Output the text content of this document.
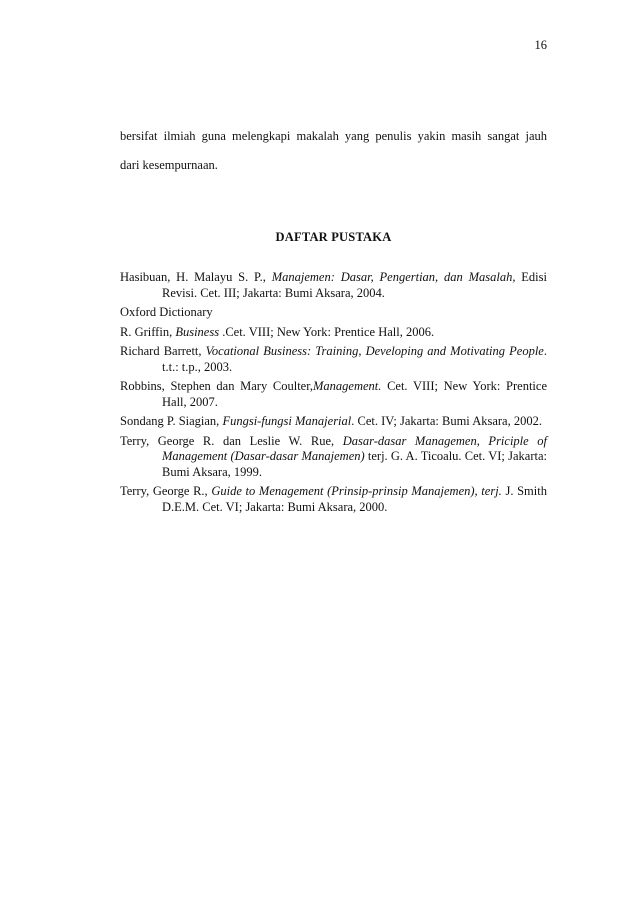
16

bersifat ilmiah guna melengkapi makalah yang penulis yakin masih sangat jauh

dari kesempurnaan.

DAFTAR PUSTAKA

Hasibuan, H. Malayu S. P., Manajemen: Dasar, Pengertian, dan Masalah, Edisi Revisi. Cet. III; Jakarta: Bumi Aksara, 2004.

Oxford Dictionary

R. Griffin, Business .Cet. VIII; New York: Prentice Hall, 2006.

Richard Barrett, Vocational Business: Training, Developing and Motivating People. t.t.: t.p., 2003.

Robbins, Stephen dan Mary Coulter,Management. Cet. VIII; New York: Prentice Hall, 2007.

Sondang P. Siagian, Fungsi-fungsi Manajerial. Cet. IV; Jakarta: Bumi Aksara, 2002.

Terry, George R. dan Leslie W. Rue, Dasar-dasar Managemen, Priciple of Management (Dasar-dasar Manajemen) terj. G. A. Ticoalu. Cet. VI; Jakarta: Bumi Aksara, 1999.

Terry, George R., Guide to Menagement (Prinsip-prinsip Manajemen), terj. J. Smith D.E.M. Cet. VI; Jakarta: Bumi Aksara, 2000.
